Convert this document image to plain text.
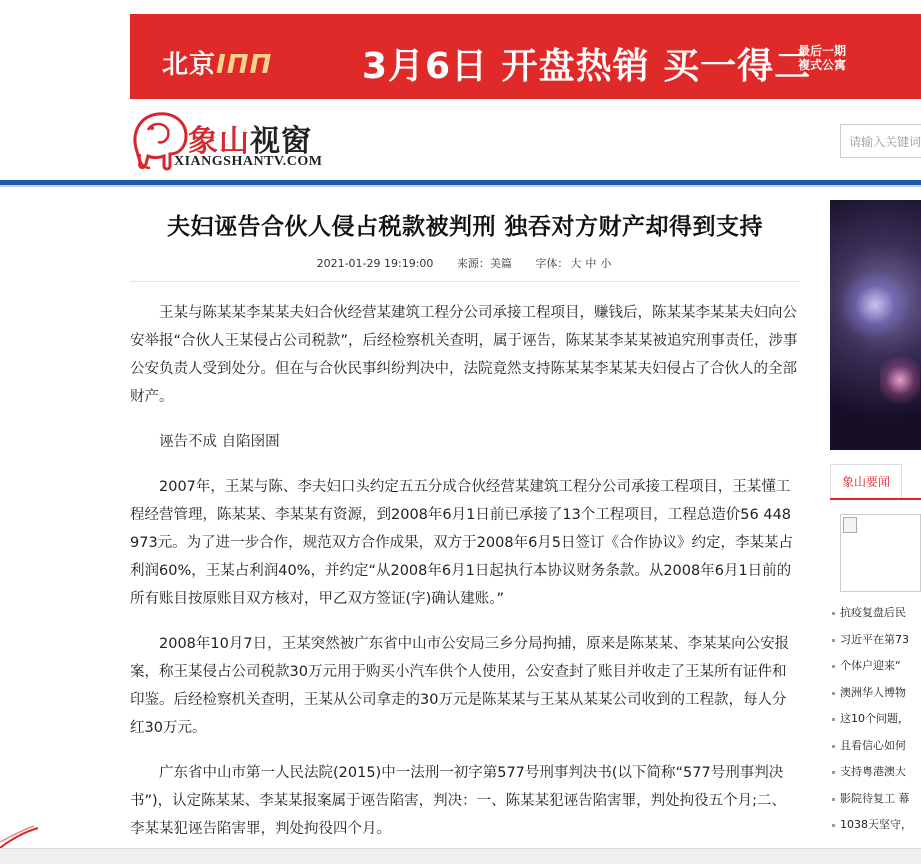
北京ΙΠΠ 3月6日 开盘热销 买一得二
最后一期
複式公寓
象山视窗
XIANGSHANTV.COM
请输入关键词
夫妇诬告合伙人侵占税款被判刑 独吞对方财产却得到支持
2021-01-29 19:19:00 来源：美篇 字体： 大 中 小

王某与陈某某李某某夫妇合伙经营某建筑工程分公司承接工程项目，赚钱后，陈某某李某某夫妇向公安举报“合伙人王某侵占公司税款”，后经检察机关查明，属于诬告，陈某某李某某被追究刑事责任，涉事公安负责人受到处分。但在与合伙民事纠纷判决中，法院竟然支持陈某某李某某夫妇侵占了合伙人的全部财产。

诬告不成 自陷囹圄

2007年，王某与陈、李夫妇口头约定五五分成合伙经营某建筑工程分公司承接工程项目，王某懂工程经营管理，陈某某、李某某有资源，到2008年6月1日前已承接了13个工程项目，工程总造价56 448 973元。为了进一步合作，规范双方合作成果，双方于2008年6月5日签订《合作协议》约定，李某某占利润60%，王某占利润40%，并约定“从2008年6月1日起执行本协议财务条款。从2008年6月1日前的所有账目按原账目双方核对，甲乙双方签证(字)确认建账。”

2008年10月7日，王某突然被广东省中山市公安局三乡分局拘捕，原来是陈某某、李某某向公安报案，称王某侵占公司税款30万元用于购买小汽车供个人使用，公安查封了账目并收走了王某所有证件和印鉴。后经检察机关查明，王某从公司拿走的30万元是陈某某与王某从某某公司收到的工程款，每人分红30万元。

广东省中山市第一人民法院(2015)中一法刑一初字第577号刑事判决书(以下简称“577号刑事判决书”)，认定陈某某、李某某报案属于诬告陷害，判决：一、陈某某犯诬告陷害罪，判处拘役五个月;二、李某某犯诬告陷害罪，判处拘役四个月。

象山要闻
抗疫复盘后民
习近平在第73
个体户迎来“
澳洲华人博物
这10个问题，
且看信心如何
支持粤港澳大
影院待复工 幕
1038天坚守，
